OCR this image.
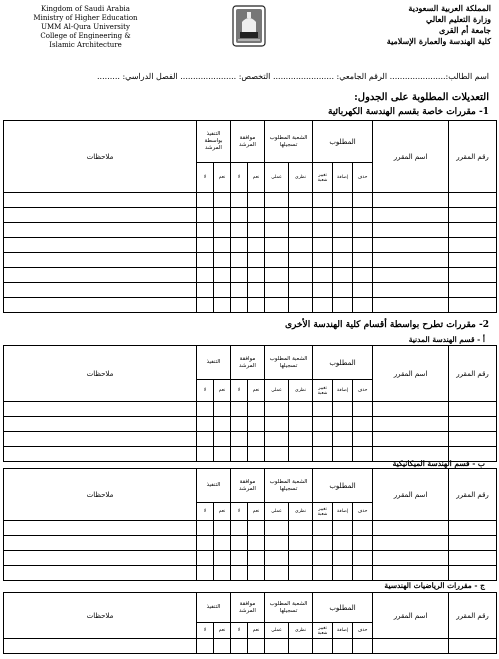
Kingdom of Saudi Arabia
Ministry of Higher Education
UMM Al-Qura University
College of Engineering &
Islamic Architecture
المملكة العربية السعودية
وزارة التعليم العالي
جامعة أم القرى
كلية الهندسة والعمارة الإسلامية
اسم الطالب:...................... الرقم الجامعي: ........................ التخصص: ...................... الفصل الدراسي: .........
التعديلات المطلوبة على الجدول:
1- مقررات خاصة بقسم الهندسة الكهربائية
رقم المقرر	اسم المقرر	المطلوب			الشعبة المطلوب تسجيلها		موافقة المرشد		التنفيذ بواسطة المرشد		ملاحظات
		حذف	إضافة	تغيير شعبة	نظري	عملي	نعم	لا	نعم	لا	

2- مقررات تطرح بواسطة أقسام كلية الهندسة الأخرى
أ - قسم الهندسة المدنية
رقم المقرر	اسم المقرر	المطلوب			الشعبة المطلوب تسجيلها		موافقة المرشد		التنفيذ		ملاحظات
		حذف	إضافة	تغيير شعبة	نظري	عملي	نعم	لا	نعم	لا	

ب - قسم الهندسة الميكانيكية
رقم المقرر	اسم المقرر	المطلوب			الشعبة المطلوب تسجيلها		موافقة المرشد		التنفيذ		ملاحظات
		حذف	إضافة	تغيير شعبة	نظري	عملي	نعم	لا	نعم	لا	

ج - مقررات الرياضيات الهندسية
رقم المقرر	اسم المقرر	المطلوب			الشعبة المطلوب تسجيلها		موافقة المرشد		التنفيذ		ملاحظات
		حذف	إضافة	تغيير شعبة	نظري	عملي	نعم	لا	نعم	لا	
